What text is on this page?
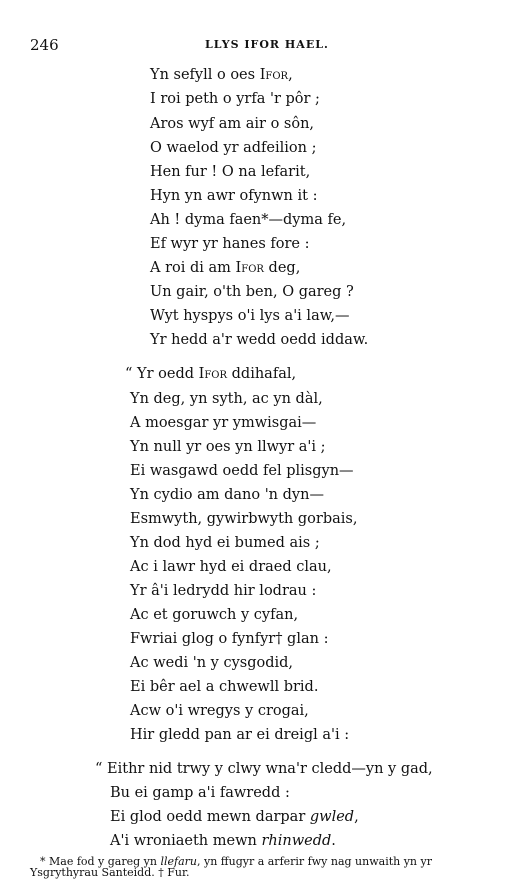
246	LLYS IFOR HAEL.
Yn sefyll o oes Ifor,
I roi peth o yrfa 'r pôr ;
Aros wyf am air o sôn,
O waelod yr adfeilion ;
Hen fur ! O na lefarit,
Hyn yn awr ofynwn it :
Ah ! dyma faen*—dyma fe,
Ef wyr yr hanes fore :
A roi di am Ifor deg,
Un gair, o'th ben, O gareg ?
Wyt hyspys o'i lys a'i law,—
Yr hedd a'r wedd oedd iddaw.
“ Yr oedd Ifor ddihafal,
Yn deg, yn syth, ac yn dàl,
A moesgar yr ymwisgai—
Yn null yr oes yn llwyr a'i ;
Ei wasgawd oedd fel plisgyn—
Yn cydio am dano 'n dyn—
Esmwyth, gywirbwyth gorbais,
Yn dod hyd ei bumed ais ;
Ac i lawr hyd ei draed clau,
Yr â'i ledrydd hir lodrau :
Ac et goruwch y cyfan,
Fwriai glog o fynfyr† glan :
Ac wedi 'n y cysgodid,
Ei bêr ael a chwewll brid.
Acw o'i wregys y crogai,
Hir gledd pan ar ei dreigl a'i :
“ Eithr nid trwy y clwy wna'r cledd—yn y gad,
Bu ei gamp a'i fawredd :
Ei glod oedd mewn darpar gwled,
A'i wroniaeth mewn rhinwedd.
* Mae fod y gareg yn llefaru, yn ffugyr a arferir fwy nag unwaith yn yr
Ysgrythyrau Santeidd. † Fur.
